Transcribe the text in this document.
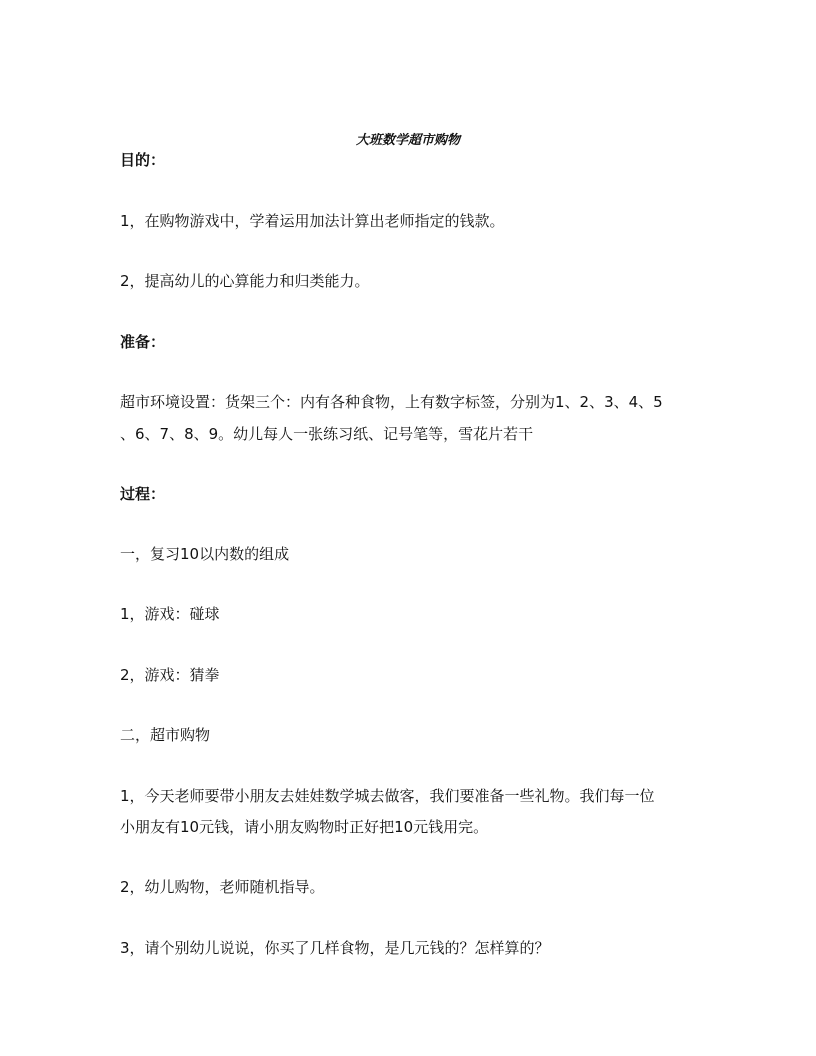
大班数学超市购物
目的：
1，在购物游戏中，学着运用加法计算出老师指定的钱款。
2，提高幼儿的心算能力和归类能力。
准备：
超市环境设置：货架三个：内有各种食物，上有数字标签，分别为1、2、3、4、5
、6、7、8、9。幼儿每人一张练习纸、记号笔等，雪花片若干
过程：
一，复习10以内数的组成
1，游戏：碰球
2，游戏：猜拳
二，超市购物
1，今天老师要带小朋友去娃娃数学城去做客，我们要准备一些礼物。我们每一位
小朋友有10元钱，请小朋友购物时正好把10元钱用完。
2，幼儿购物，老师随机指导。
3，请个别幼儿说说，你买了几样食物，是几元钱的？怎样算的？
